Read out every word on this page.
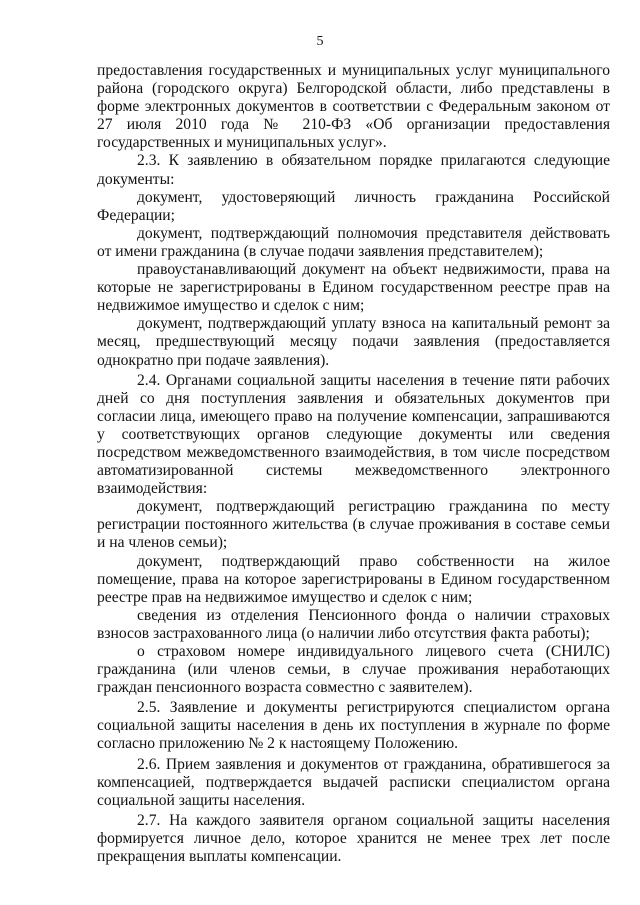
5

предоставления государственных и муниципальных услуг муниципального района (городского округа) Белгородской области, либо представлены в форме электронных документов в соответствии с Федеральным законом от 27 июля 2010 года № 210-ФЗ «Об организации предоставления государственных и муниципальных услуг».

2.3. К заявлению в обязательном порядке прилагаются следующие документы:

документ, удостоверяющий личность гражданина Российской Федерации;

документ, подтверждающий полномочия представителя действовать от имени гражданина (в случае подачи заявления представителем);

правоустанавливающий документ на объект недвижимости, права на которые не зарегистрированы в Едином государственном реестре прав на недвижимое имущество и сделок с ним;

документ, подтверждающий уплату взноса на капитальный ремонт за месяц, предшествующий месяцу подачи заявления (предоставляется однократно при подаче заявления).

2.4. Органами социальной защиты населения в течение пяти рабочих дней со дня поступления заявления и обязательных документов при согласии лица, имеющего право на получение компенсации, запрашиваются у соответствующих органов следующие документы или сведения посредством межведомственного взаимодействия, в том числе посредством автоматизированной системы межведомственного электронного взаимодействия:

документ, подтверждающий регистрацию гражданина по месту регистрации постоянного жительства (в случае проживания в составе семьи и на членов семьи);

документ, подтверждающий право собственности на жилое помещение, права на которое зарегистрированы в Едином государственном реестре прав на недвижимое имущество и сделок с ним;

сведения из отделения Пенсионного фонда о наличии страховых взносов застрахованного лица (о наличии либо отсутствия факта работы);

о страховом номере индивидуального лицевого счета (СНИЛС) гражданина (или членов семьи, в случае проживания неработающих граждан пенсионного возраста совместно с заявителем).

2.5. Заявление и документы регистрируются специалистом органа социальной защиты населения в день их поступления в журнале по форме согласно приложению № 2 к настоящему Положению.

2.6. Прием заявления и документов от гражданина, обратившегося за компенсацией, подтверждается выдачей расписки специалистом органа социальной защиты населения.

2.7. На каждого заявителя органом социальной защиты населения формируется личное дело, которое хранится не менее трех лет после прекращения выплаты компенсации.
